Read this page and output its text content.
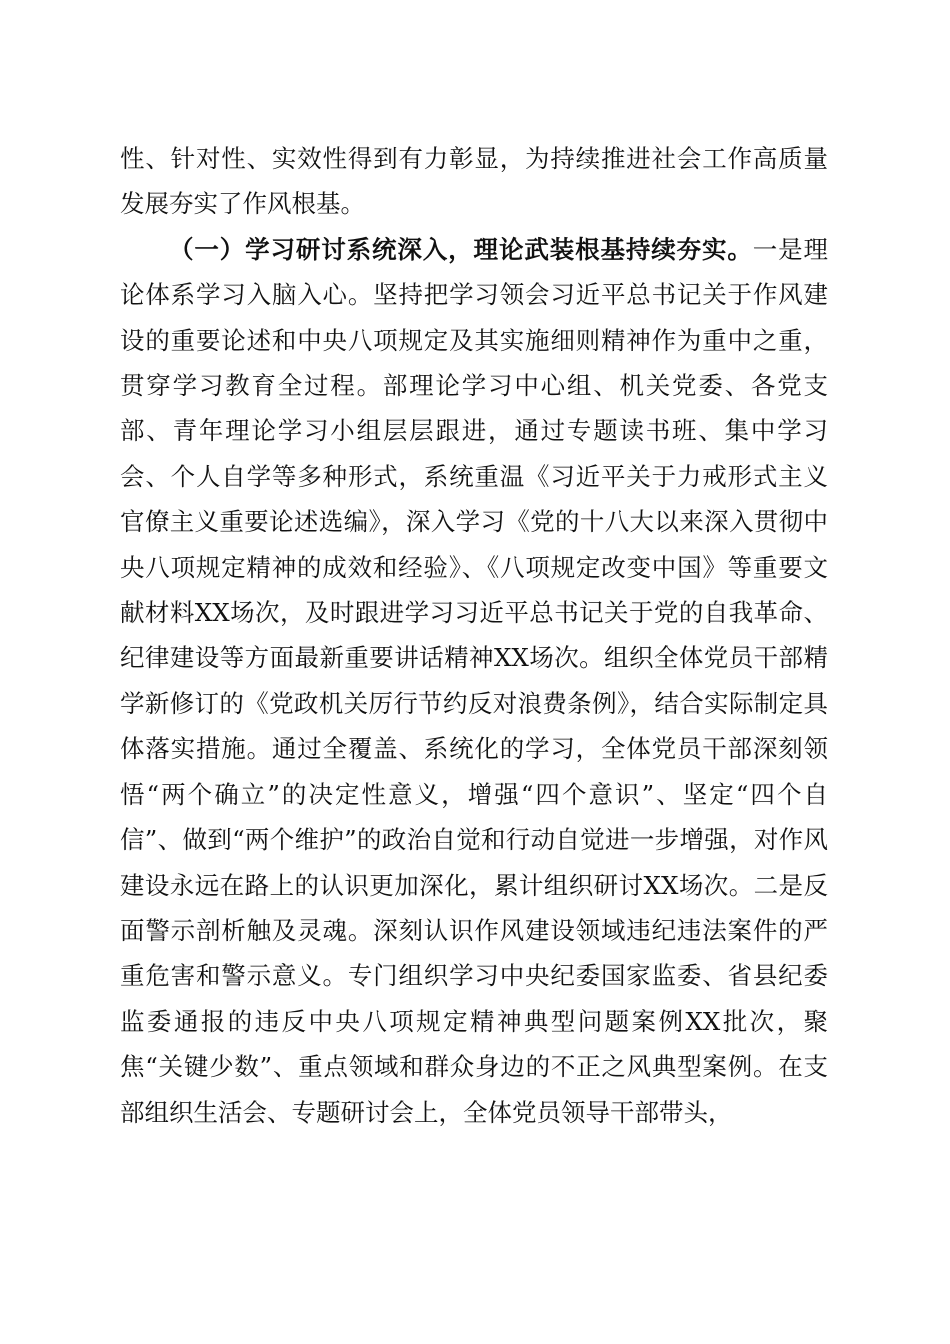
性、针对性、实效性得到有力彰显，为持续推进社会工作高质量发展夯实了作风根基。

（一）学习研讨系统深入，理论武装根基持续夯实。一是理论体系学习入脑入心。坚持把学习领会习近平总书记关于作风建设的重要论述和中央八项规定及其实施细则精神作为重中之重，贯穿学习教育全过程。部理论学习中心组、机关党委、各党支部、青年理论学习小组层层跟进，通过专题读书班、集中学习会、个人自学等多种形式，系统重温《习近平关于力戒形式主义官僚主义重要论述选编》，深入学习《党的十八大以来深入贯彻中央八项规定精神的成效和经验》、《八项规定改变中国》等重要文献材料XX场次，及时跟进学习习近平总书记关于党的自我革命、纪律建设等方面最新重要讲话精神XX场次。组织全体党员干部精学新修订的《党政机关厉行节约反对浪费条例》，结合实际制定具体落实措施。通过全覆盖、系统化的学习，全体党员干部深刻领悟“两个确立”的决定性意义，增强“四个意识”、坚定“四个自信”、做到“两个维护”的政治自觉和行动自觉进一步增强，对作风建设永远在路上的认识更加深化，累计组织研讨XX场次。二是反面警示剖析触及灵魂。深刻认识作风建设领域违纪违法案件的严重危害和警示意义。专门组织学习中央纪委国家监委、省县纪委监委通报的违反中央八项规定精神典型问题案例XX批次，聚焦“关键少数”、重点领域和群众身边的不正之风典型案例。在支部组织生活会、专题研讨会上，全体党员领导干部带头，
